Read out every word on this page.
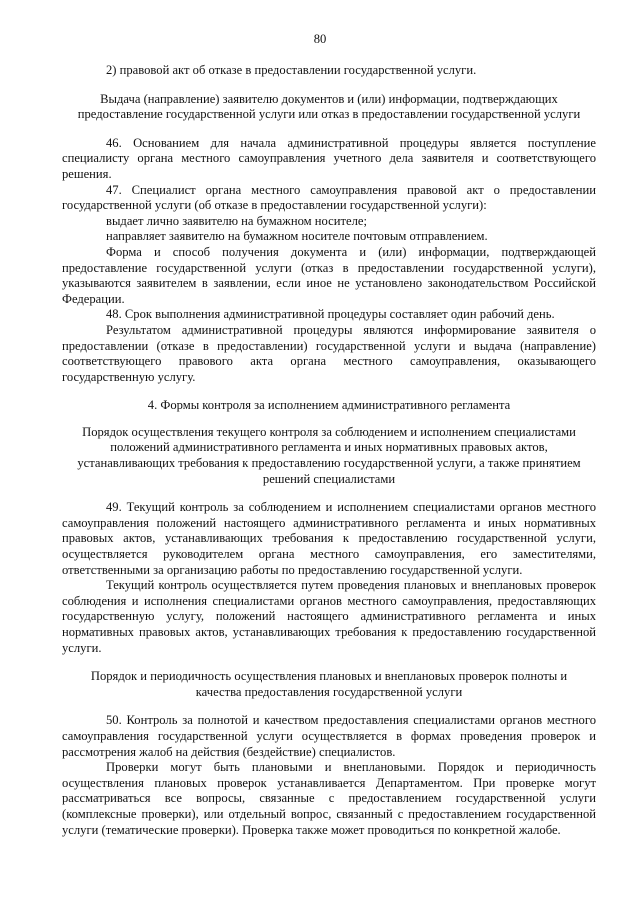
80

2) правовой акт об отказе в предоставлении государственной услуги.

Выдача (направление) заявителю документов и (или) информации, подтверждающих предоставление государственной услуги или отказ в предоставлении государственной услуги

46. Основанием для начала административной процедуры является поступление специалисту органа местного самоуправления учетного дела заявителя и соответствующего решения.

47. Специалист органа местного самоуправления правовой акт о предоставлении государственной услуги (об отказе в предоставлении государственной услуги):

выдает лично заявителю на бумажном носителе;

направляет заявителю на бумажном носителе почтовым отправлением.

Форма и способ получения документа и (или) информации, подтверждающей предоставление государственной услуги (отказ в предоставлении государственной услуги), указываются заявителем в заявлении, если иное не установлено законодательством Российской Федерации.

48. Срок выполнения административной процедуры составляет один рабочий день.

Результатом административной процедуры являются информирование заявителя о предоставлении (отказе в предоставлении) государственной услуги и выдача (направление) соответствующего правового акта органа местного самоуправления, оказывающего государственную услугу.

4. Формы контроля за исполнением административного регламента

Порядок осуществления текущего контроля за соблюдением и исполнением специалистами положений административного регламента и иных нормативных правовых актов, устанавливающих требования к предоставлению государственной услуги, а также принятием решений специалистами

49. Текущий контроль за соблюдением и исполнением специалистами органов местного самоуправления положений настоящего административного регламента и иных нормативных правовых актов, устанавливающих требования к предоставлению государственной услуги, осуществляется руководителем органа местного самоуправления, его заместителями, ответственными за организацию работы по предоставлению государственной услуги.

Текущий контроль осуществляется путем проведения плановых и внеплановых проверок соблюдения и исполнения специалистами органов местного самоуправления, предоставляющих государственную услугу, положений настоящего административного регламента и иных нормативных правовых актов, устанавливающих требования к предоставлению государственной услуги.

Порядок и периодичность осуществления плановых и внеплановых проверок полноты и качества предоставления государственной услуги

50. Контроль за полнотой и качеством предоставления специалистами органов местного самоуправления государственной услуги осуществляется в формах проведения проверок и рассмотрения жалоб на действия (бездействие) специалистов.

Проверки могут быть плановыми и внеплановыми. Порядок и периодичность осуществления плановых проверок устанавливается Департаментом. При проверке могут рассматриваться все вопросы, связанные с предоставлением государственной услуги (комплексные проверки), или отдельный вопрос, связанный с предоставлением государственной услуги (тематические проверки). Проверка также может проводиться по конкретной жалобе.
